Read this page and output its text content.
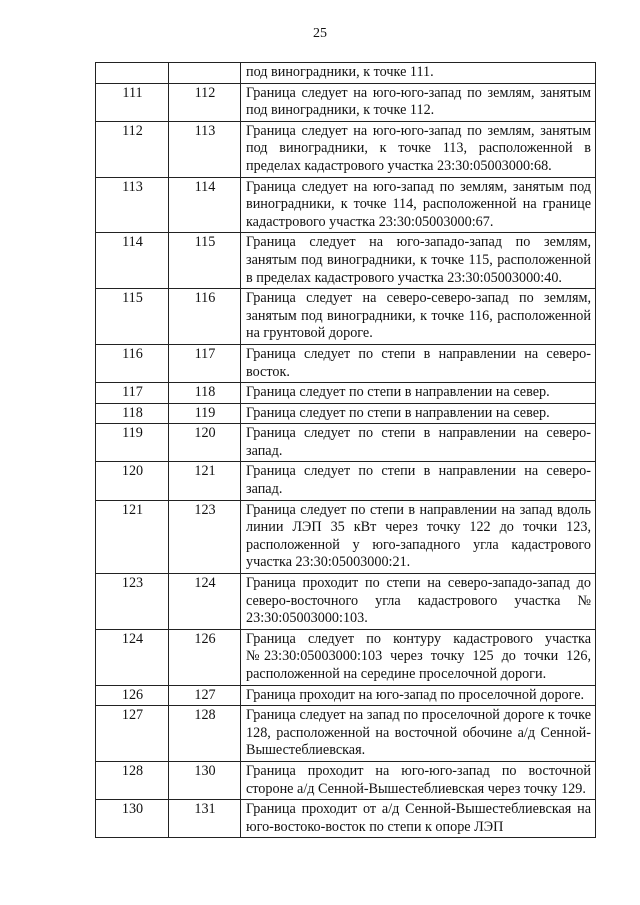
25
		под виноградники, к точке 111.
111	112	Граница следует на юго-юго-запад по землям, занятым под виноградники, к точке 112.
112	113	Граница следует на юго-юго-запад по землям, занятым под виноградники, к точке 113, расположенной в пределах кадастрового участка 23:30:05003000:68.
113	114	Граница следует на юго-запад по землям, занятым под виноградники, к точке 114, расположенной на границе кадастрового участка 23:30:05003000:67.
114	115	Граница следует на юго-западо-запад по землям, занятым под виноградники, к точке 115, расположенной в пределах кадастрового участка 23:30:05003000:40.
115	116	Граница следует на северо-северо-запад по землям, занятым под виноградники, к точке 116, расположенной на грунтовой дороге.
116	117	Граница следует по степи в направлении на северо-восток.
117	118	Граница следует по степи в направлении на север.
118	119	Граница следует по степи в направлении на север.
119	120	Граница следует по степи в направлении на северо-запад.
120	121	Граница следует по степи в направлении на северо-запад.
121	123	Граница следует по степи в направлении на запад вдоль линии ЛЭП 35 кВт через точку 122 до точки 123, расположенной у юго-западного угла кадастрового участка 23:30:05003000:21.
123	124	Граница проходит по степи на северо-западо-запад до северо-восточного угла кадастрового участка № 23:30:05003000:103.
124	126	Граница следует по контуру кадастрового участка №23:30:05003000:103 через точку 125 до точки 126, расположенной на середине проселочной дороги.
126	127	Граница проходит на юго-запад по проселочной дороге.
127	128	Граница следует на запад по проселочной дороге к точке 128, расположенной на восточной обочине а/д Сенной-Вышестеблиевская.
128	130	Граница проходит на юго-юго-запад по восточной стороне а/д Сенной-Вышестеблиевская через точку 129.
130	131	Граница проходит от а/д Сенной-Вышестеблиевская на юго-востоко-восток по степи к опоре ЛЭП
